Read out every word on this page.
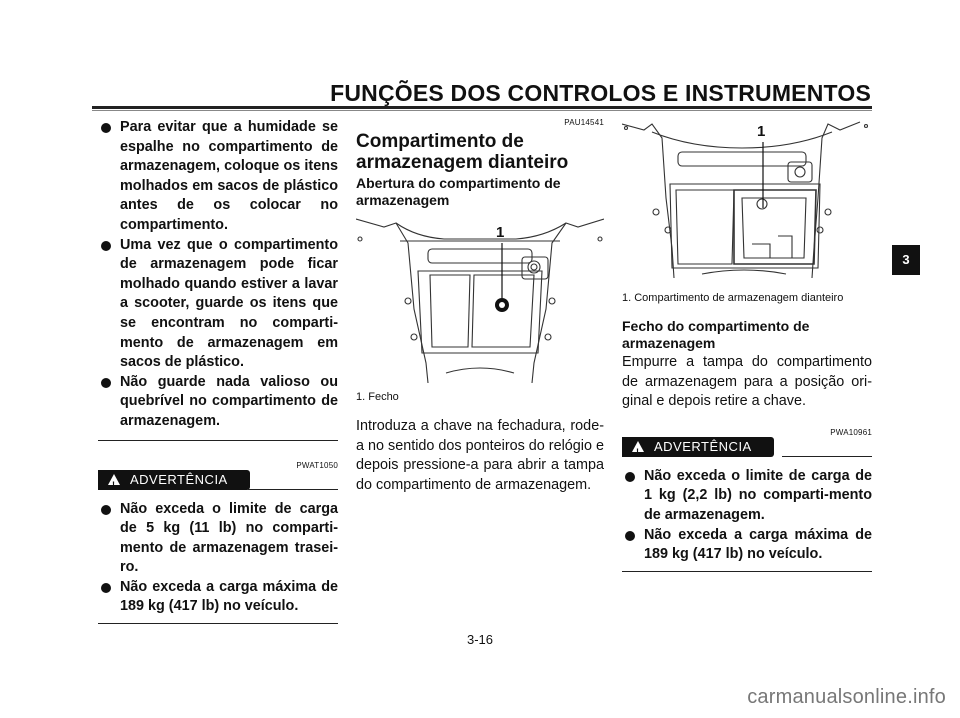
FUNÇÕES DOS CONTROLOS E INSTRUMENTOS
Para evitar que a humidade se espalhe no compartimento de armazenagem, coloque os itens molhados em sacos de plástico antes de os colocar no compartimento.
Uma vez que o compartimento de armazenagem pode ficar molhado quando estiver a lavar a scooter, guarde os itens que se encontram no comparti-mento de armazenagem em sacos de plástico.
Não guarde nada valioso ou quebrível no compartimento de armazenagem.
PWAT1050
!ADVERTÊNCIA
Não exceda o limite de carga de 5 kg (11 lb) no comparti-mento de armazenagem trasei-ro.
Não exceda a carga máxima de 189 kg (417 lb) no veículo.
PAU14541
Compartimento de armazenagem dianteiro
Abertura do compartimento de armazenagem
1
1. Fecho
Introduza a chave na fechadura, rode-a no sentido dos ponteiros do relógio e depois pressione-a para abrir a tampa do compartimento de armazenagem.
1
1. Compartimento de armazenagem dianteiro
Fecho do compartimento de armazenagem
Empurre a tampa do compartimento de armazenagem para a posição ori-ginal e depois retire a chave.
PWA10961
!ADVERTÊNCIA
Não exceda o limite de carga de 1 kg (2,2 lb) no comparti-mento de armazenagem.
Não exceda a carga máxima de 189 kg (417 lb) no veículo.
3
3-16
carmanualsonline.info
